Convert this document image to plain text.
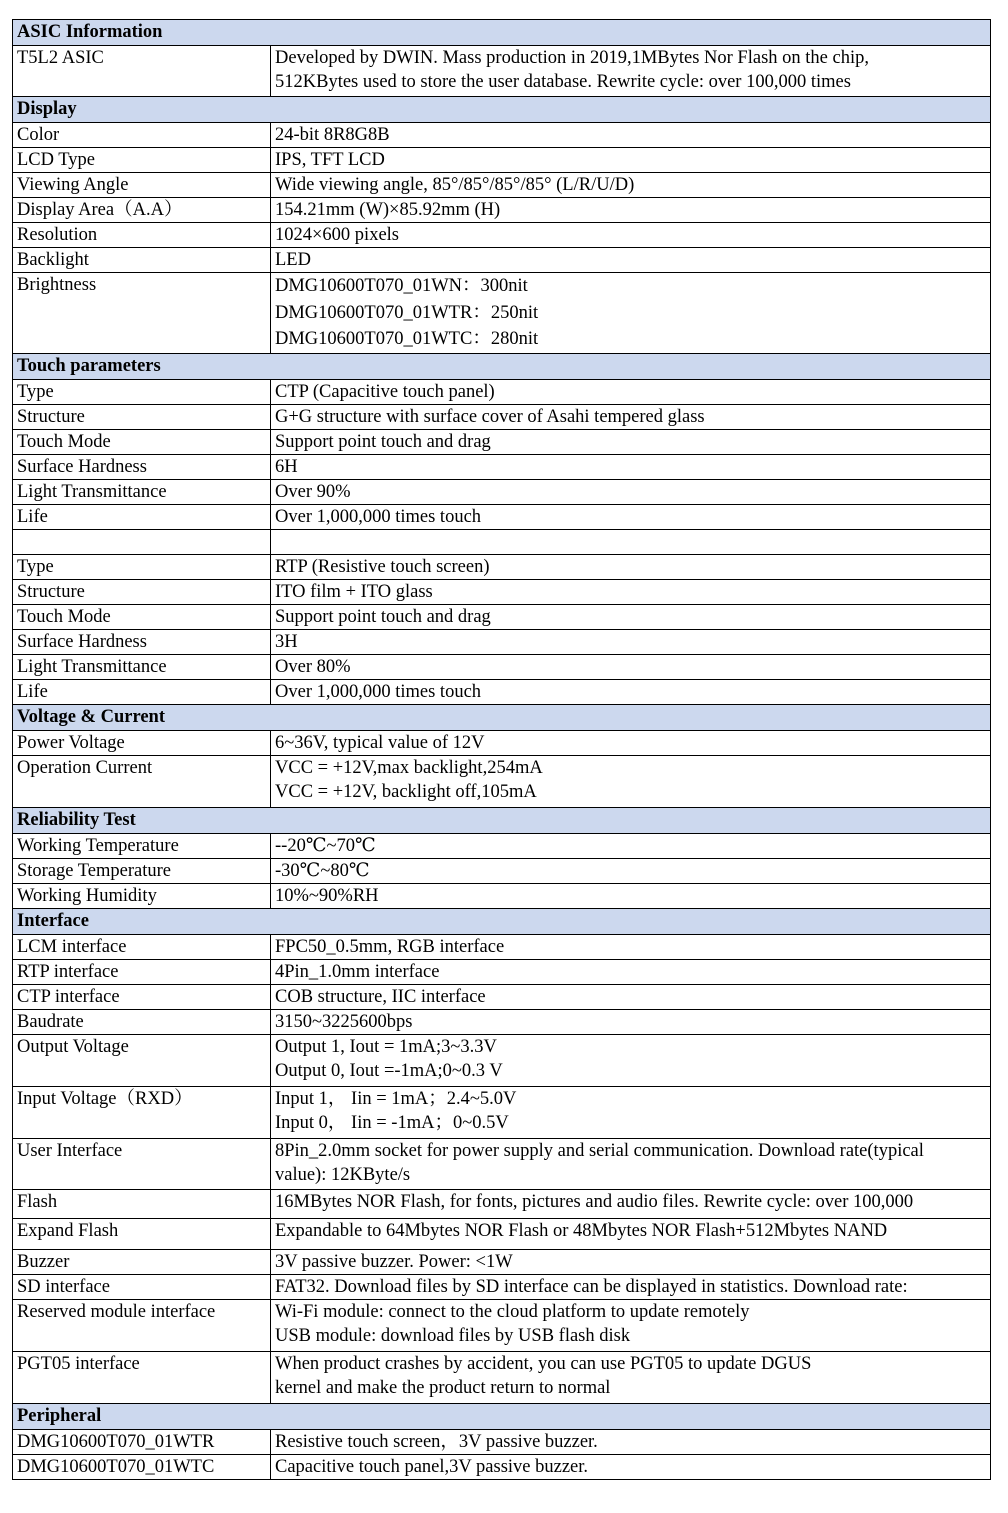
ASIC Information	
T5L2 ASIC	Developed by DWIN. Mass production in 2019,1MBytes Nor Flash on the chip,
512KBytes used to store the user database. Rewrite cycle: over 100,000 times

Display	
Color	24-bit 8R8G8B

LCD Type	IPS, TFT LCD

Viewing Angle	Wide viewing angle, 85°/85°/85°/85° (L/R/U/D)

Display Area（A.A）	154.21mm (W)×85.92mm (H)

Resolution	1024×600 pixels

Backlight	LED

Brightness	DMG10600T070_01WN：300nit
DMG10600T070_01WTR：250nit
DMG10600T070_01WTC：280nit

Touch parameters	
Type	CTP (Capacitive touch panel)

Structure	G+G structure with surface cover of Asahi tempered glass

Touch Mode	Support point touch and drag

Surface Hardness	6H

Light Transmittance	Over 90%

Life	Over 1,000,000 times touch

Type	RTP (Resistive touch screen)

Structure	ITO film + ITO glass

Touch Mode	Support point touch and drag

Surface Hardness	3H

Light Transmittance	Over 80%

Life	Over 1,000,000 times touch

Voltage & Current	
Power Voltage	6~36V, typical value of 12V

Operation Current	VCC = +12V,max backlight,254mA
VCC = +12V, backlight off,105mA

Reliability Test	
Working Temperature	--20℃~70℃

Storage Temperature	-30℃~80℃

Working Humidity	10%~90%RH

Interface	
LCM interface	FPC50_0.5mm, RGB interface

RTP interface	4Pin_1.0mm interface

CTP interface	COB structure, IIC interface

Baudrate	3150~3225600bps

Output Voltage	Output 1, Iout = 1mA;3~3.3V
Output 0, Iout =-1mA;0~0.3 V

Input Voltage（RXD）	Input 1， Iin = 1mA；2.4~5.0V
Input 0， Iin = -1mA；0~0.5V

User Interface	8Pin_2.0mm socket for power supply and serial communication. Download rate(typical
value): 12KByte/s

Flash	16MBytes NOR Flash, for fonts, pictures and audio files. Rewrite cycle: over 100,000

Expand Flash	Expandable to 64Mbytes NOR Flash or 48Mbytes NOR Flash+512Mbytes NAND

Buzzer	3V passive buzzer. Power: <1W

SD interface	FAT32. Download files by SD interface can be displayed in statistics. Download rate:

Reserved module interface	Wi-Fi module: connect to the cloud platform to update remotely
USB module: download files by USB flash disk

PGT05 interface	When product crashes by accident, you can use PGT05 to update DGUS
kernel and make the product return to normal

Peripheral	
DMG10600T070_01WTR	Resistive touch screen，3V passive buzzer.

DMG10600T070_01WTC	Capacitive touch panel,3V passive buzzer.
